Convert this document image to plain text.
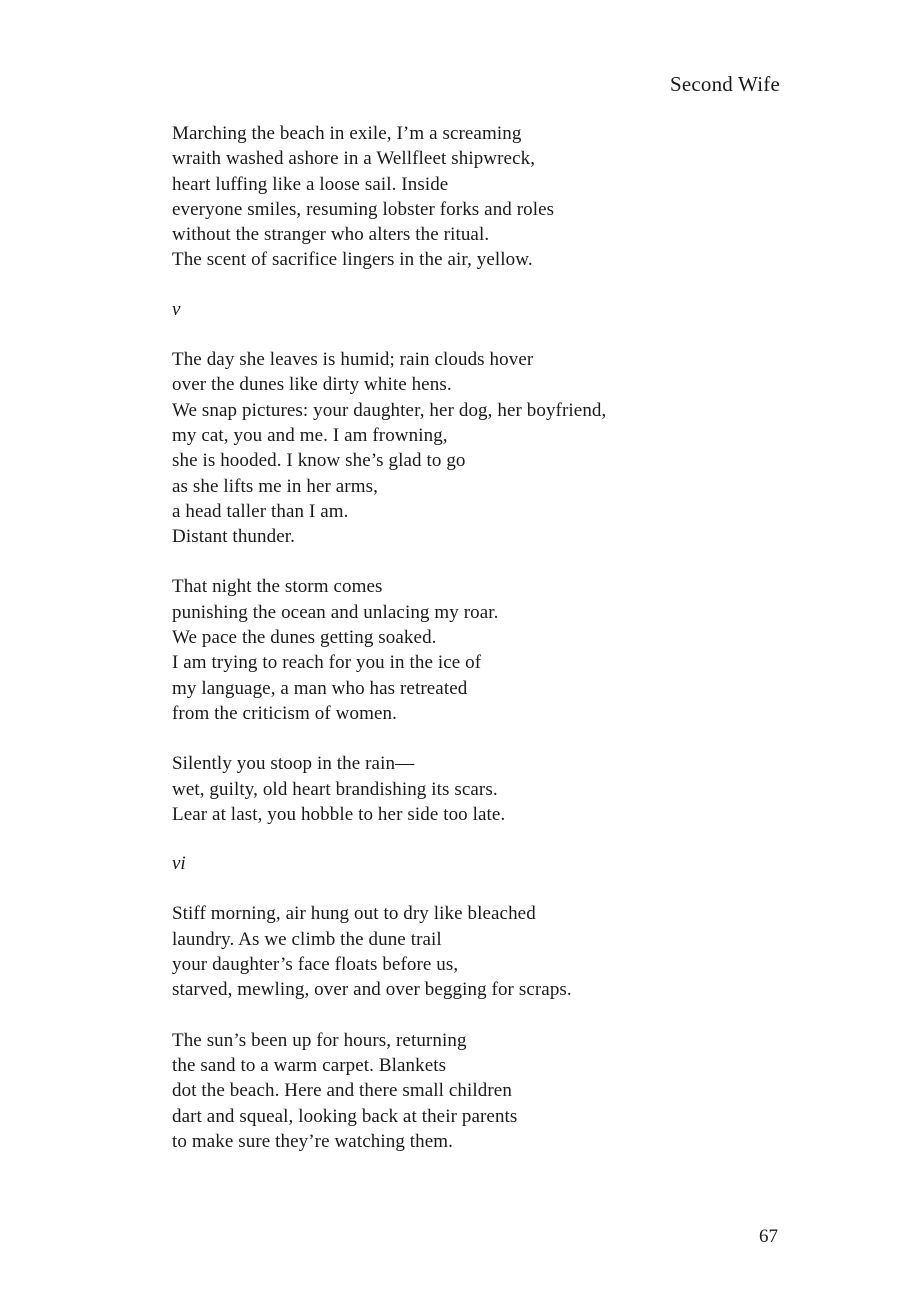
Second Wife
Marching the beach in exile, I’m a screaming
wraith washed ashore in a Wellfleet shipwreck,
heart luffing like a loose sail. Inside
everyone smiles, resuming lobster forks and roles
without the stranger who alters the ritual.
The scent of sacrifice lingers in the air, yellow.
v
The day she leaves is humid; rain clouds hover
over the dunes like dirty white hens.
We snap pictures: your daughter, her dog, her boyfriend,
my cat, you and me. I am frowning,
she is hooded. I know she’s glad to go
as she lifts me in her arms,
a head taller than I am.
Distant thunder.
That night the storm comes
punishing the ocean and unlacing my roar.
We pace the dunes getting soaked.
I am trying to reach for you in the ice of
my language, a man who has retreated
from the criticism of women.
Silently you stoop in the rain—
wet, guilty, old heart brandishing its scars.
Lear at last, you hobble to her side too late.
vi
Stiff morning, air hung out to dry like bleached
laundry. As we climb the dune trail
your daughter’s face floats before us,
starved, mewling, over and over begging for scraps.
The sun’s been up for hours, returning
the sand to a warm carpet. Blankets
dot the beach. Here and there small children
dart and squeal, looking back at their parents
to make sure they’re watching them.
67
